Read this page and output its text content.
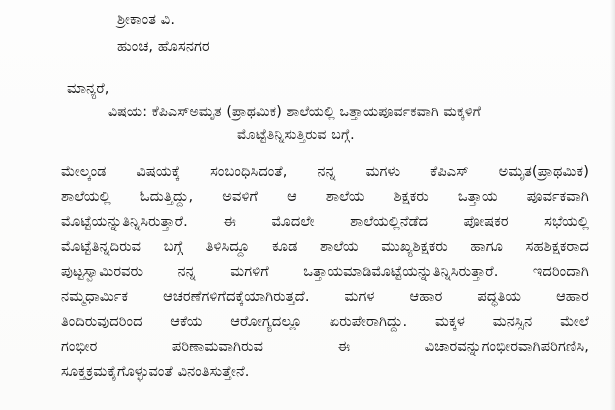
ಶ್ರೀಕಾಂತ ವಿ.
ಹುಂಚ, ಹೊಸನಗರ
ಮಾನ್ಯರೆ,
ವಿಷಯ: ಕೆಪಿಎಸ್‌ಅಮೃತ (ಪ್ರಾಥಮಿಕ) ಶಾಲೆಯಲ್ಲಿ ಒತ್ತಾಯಪೂರ್ವಕವಾಗಿ ಮಕ್ಕಳಿಗೆ
ಮೊಟ್ಟೆತಿನ್ನಿಸುತ್ತಿರುವ ಬಗ್ಗೆ.
ಮೇಲ್ಕಂಡ ವಿಷಯಕ್ಕೆ ಸಂಬಂಧಿಸಿದಂತೆ, ನನ್ನ ಮಗಳು ಕೆಪಿಎಸ್ ಅಮೃತ(ಪ್ರಾಥಮಿಕ)
ಶಾಲೆಯಲ್ಲಿ ಓದುತ್ತಿದ್ದು, ಅವಳಿಗೆ ಆ ಶಾಲೆಯ ಶಿಕ್ಷಕರು ಒತ್ತಾಯ ಪೂರ್ವಕವಾಗಿ
ಮೊಟ್ಟೆಯನ್ನುತಿನ್ನಿಸಿರುತ್ತಾರೆ. ಈ ಮೊದಲೇ ಶಾಲೆಯಲ್ಲಿನೆಡೆದ ಪೋಷಕರ ಸಭೆಯಲ್ಲಿ
ಮೊಟ್ಟೆತಿನ್ನದಿರುವ ಬಗ್ಗೆ ತಿಳಿಸಿದ್ದೂ ಕೂಡ ಶಾಲೆಯ ಮುಖ್ಯಶಿಕ್ಷಕರು ಹಾಗೂ ಸಹಶಿಕ್ಷಕರಾದ
ಪುಟ್ಟಸ್ವಾಮಿರವರು ನನ್ನ ಮಗಳಿಗೆ ಒತ್ತಾಯಮಾಡಿಮೊಟ್ಟೆಯನ್ನುತಿನ್ನಿಸಿರುತ್ತಾರೆ. ಇದರಿಂದಾಗಿ
ನಮ್ಮಧಾರ್ಮಿಕ ಆಚರಣೆಗಳಿಗೆದಕ್ಕೆಯಾಗಿರುತ್ತದೆ. ಮಗಳ ಆಹಾರ ಪದ್ಧತಿಯ ಆಹಾರ
ತಿಂದಿರುವುದರಿಂದ ಆಕೆಯ ಆರೋಗ್ಯದಲ್ಲೂ ಏರುಪೇರಾಗಿದ್ದು. ಮಕ್ಕಳ ಮನಸ್ಸಿನ ಮೇಲೆ
ಗಂಭೀರ ಪರಿಣಾಮವಾಗಿರುವ ಈ ವಿಚಾರವನ್ನುಗಂಭೀರವಾಗಿಪರಿಗಣಿಸಿ,
ಸೂಕ್ತಕ್ರಮಕೈಗೊಳ್ಳುವಂತೆ ವಿನಂತಿಸುತ್ತೇನೆ.
